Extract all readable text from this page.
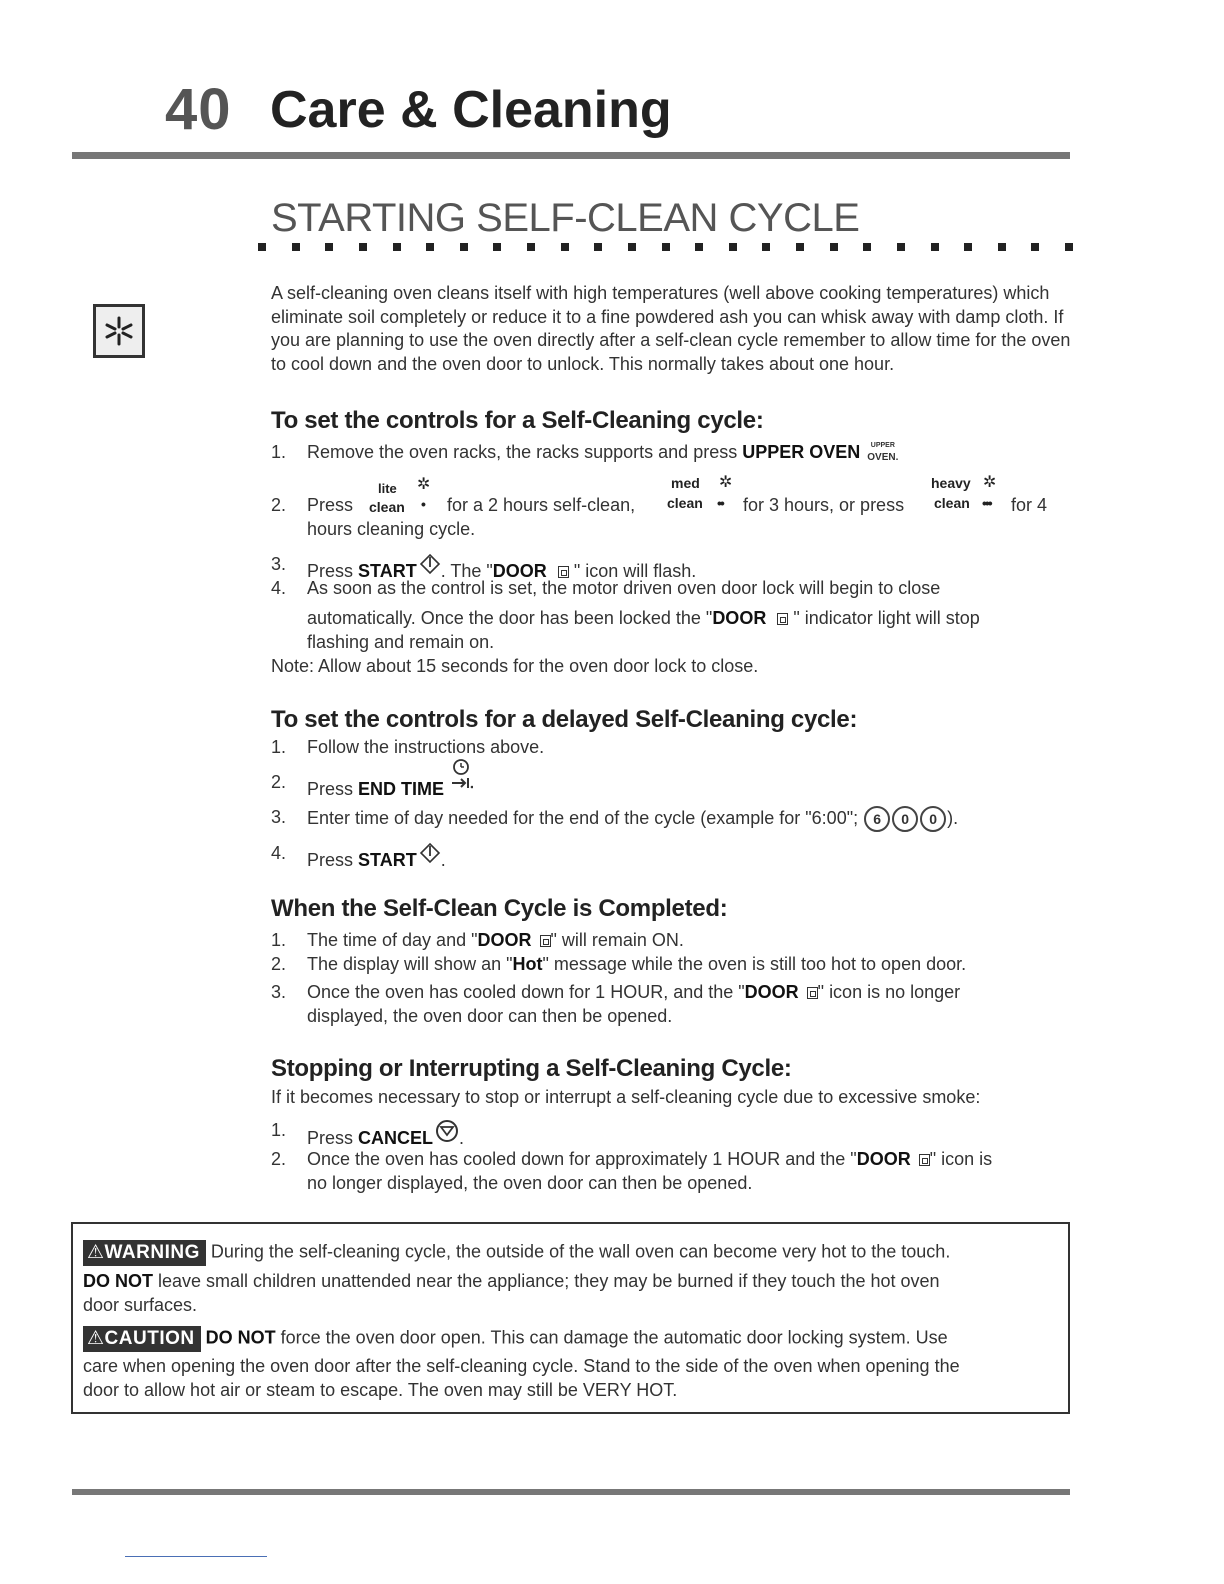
40 Care & Cleaning
STARTING SELF-CLEAN CYCLE
A self-cleaning oven cleans itself with high temperatures (well above cooking temperatures) which eliminate soil completely or reduce it to a fine powdered ash you can whisk away with damp cloth. If you are planning to use the oven directly after a self-clean cycle remember to allow time for the oven to cool down and the oven door to unlock. This normally takes about one hour.
To set the controls for a Self-Cleaning cycle:
1. Remove the oven racks, the racks supports and press UPPER OVEN	UPPER
OVEN.
2. Press
lite ✲
clean • for a 2 hours self-clean,
med ✲
clean •• for 3 hours, or press
heavy ✲
clean ••• for 4
hours cleaning cycle.
3. Press START . The "DOOR
" icon will flash.
4. As soon as the control is set, the motor driven oven door lock will begin to close
automatically. Once the door has been locked the "DOOR
" indicator light will stop
flashing and remain on.
Note: Allow about 15 seconds for the oven door lock to close.
To set the controls for a delayed Self-Cleaning cycle:
1. Follow the instructions above.
2. Press END TIME
3. Enter time of day needed for the end of the cycle (example for "6:00"; 6 0 0 ).
4. Press START .
When the Self-Clean Cycle is Completed:
1. The time of day and "DOOR " will remain ON.
2. The display will show an "Hot" message while the oven is still too hot to open door.
3. Once the oven has cooled down for 1 HOUR, and the "DOOR " icon is no longer
displayed, the oven door can then be opened.
Stopping or Interrupting a Self-Cleaning Cycle:
If it becomes necessary to stop or interrupt a self-cleaning cycle due to excessive smoke:
1. Press CANCEL .
2. Once the oven has cooled down for approximately 1 HOUR and the "DOOR " icon is
no longer displayed, the oven door can then be opened.
⚠WARNING During the self-cleaning cycle, the outside of the wall oven can become very hot to the touch.
DO NOT leave small children unattended near the appliance; they may be burned if they touch the hot oven
door surfaces.
⚠CAUTION DO NOT force the oven door open. This can damage the automatic door locking system. Use
care when opening the oven door after the self-cleaning cycle. Stand to the side of the oven when opening the
door to allow hot air or steam to escape. The oven may still be VERY HOT.
